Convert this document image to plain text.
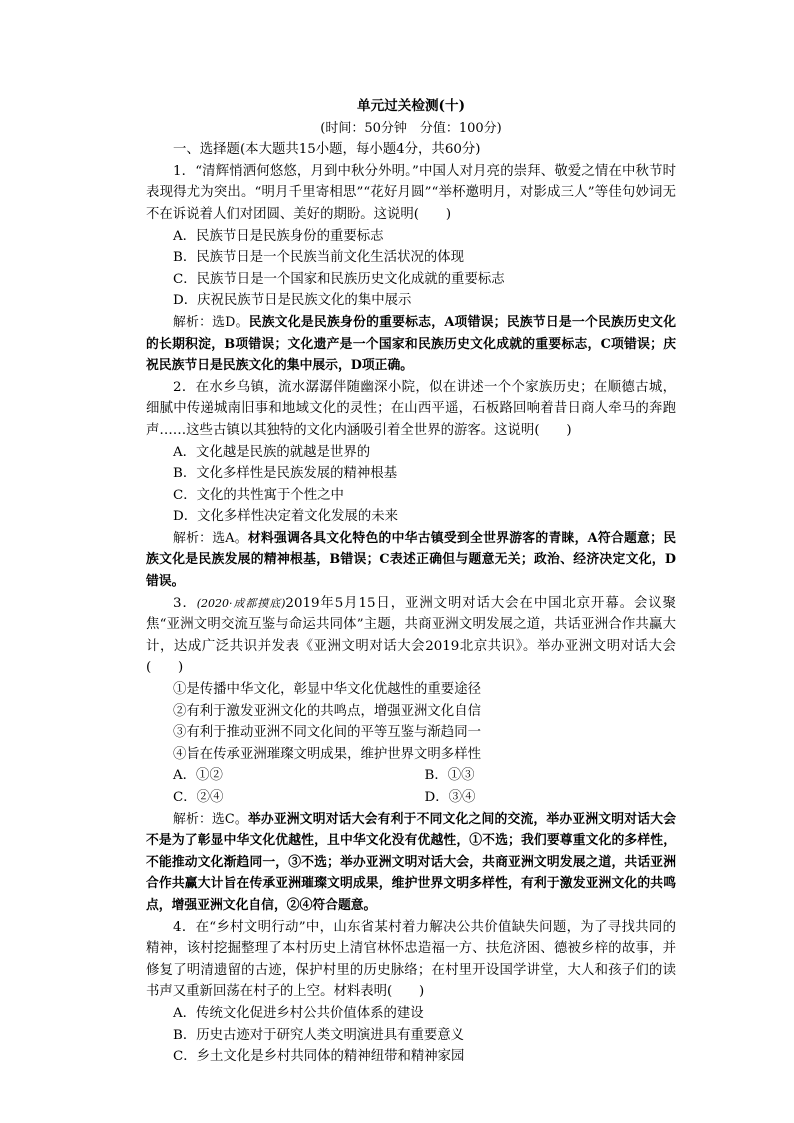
单元过关检测(十)
(时间：50分钟　分值：100分)

一、选择题(本大题共15小题，每小题4分，共60分)

1．“清辉悄洒何悠悠，月到中秋分外明。”中国人对月亮的崇拜、敬爱之情在中秋节时表现得尤为突出。“明月千里寄相思”“花好月圆”“举杯邀明月，对影成三人”等佳句妙词无不在诉说着人们对团圆、美好的期盼。这说明(　　)

A．民族节日是民族身份的重要标志

B．民族节日是一个民族当前文化生活状况的体现

C．民族节日是一个国家和民族历史文化成就的重要标志

D．庆祝民族节日是民族文化的集中展示

解析：选D。民族文化是民族身份的重要标志，A项错误；民族节日是一个民族历史文化的长期积淀，B项错误；文化遗产是一个国家和民族历史文化成就的重要标志，C项错误；庆祝民族节日是民族文化的集中展示，D项正确。

2．在水乡乌镇，流水潺潺伴随幽深小院，似在讲述一个个家族历史；在顺德古城，细腻中传递城南旧事和地域文化的灵性；在山西平遥，石板路回响着昔日商人牵马的奔跑声……这些古镇以其独特的文化内涵吸引着全世界的游客。这说明(　　)

A．文化越是民族的就越是世界的

B．文化多样性是民族发展的精神根基

C．文化的共性寓于个性之中

D．文化多样性决定着文化发展的未来

解析：选A。材料强调各具文化特色的中华古镇受到全世界游客的青睐，A符合题意；民族文化是民族发展的精神根基，B错误；C表述正确但与题意无关；政治、经济决定文化，D错误。

3．(2020·成都摸底)2019年5月15日，亚洲文明对话大会在中国北京开幕。会议聚焦“亚洲文明交流互鉴与命运共同体”主题，共商亚洲文明发展之道，共话亚洲合作共赢大计，达成广泛共识并发表《亚洲文明对话大会2019北京共识》。举办亚洲文明对话大会(　　)

①是传播中华文化，彰显中华文化优越性的重要途径

②有利于激发亚洲文化的共鸣点，增强亚洲文化自信

③有利于推动亚洲不同文化间的平等互鉴与渐趋同一

④旨在传承亚洲璀璨文明成果，维护世界文明多样性

A．①②	B．①③
C．②④	D．③④

解析：选C。举办亚洲文明对话大会有利于不同文化之间的交流，举办亚洲文明对话大会不是为了彰显中华文化优越性，且中华文化没有优越性，①不选；我们要尊重文化的多样性，不能推动文化渐趋同一，③不选；举办亚洲文明对话大会，共商亚洲文明发展之道，共话亚洲合作共赢大计旨在传承亚洲璀璨文明成果，维护世界文明多样性，有利于激发亚洲文化的共鸣点，增强亚洲文化自信，②④符合题意。

4．在“乡村文明行动”中，山东省某村着力解决公共价值缺失问题，为了寻找共同的精神，该村挖掘整理了本村历史上清官林怀忠造福一方、扶危济困、德被乡梓的故事，并修复了明清遗留的古迹，保护村里的历史脉络；在村里开设国学讲堂，大人和孩子们的读书声又重新回荡在村子的上空。材料表明(　　)

A．传统文化促进乡村公共价值体系的建设

B．历史古迹对于研究人类文明演进具有重要意义

C．乡土文化是乡村共同体的精神纽带和精神家园
